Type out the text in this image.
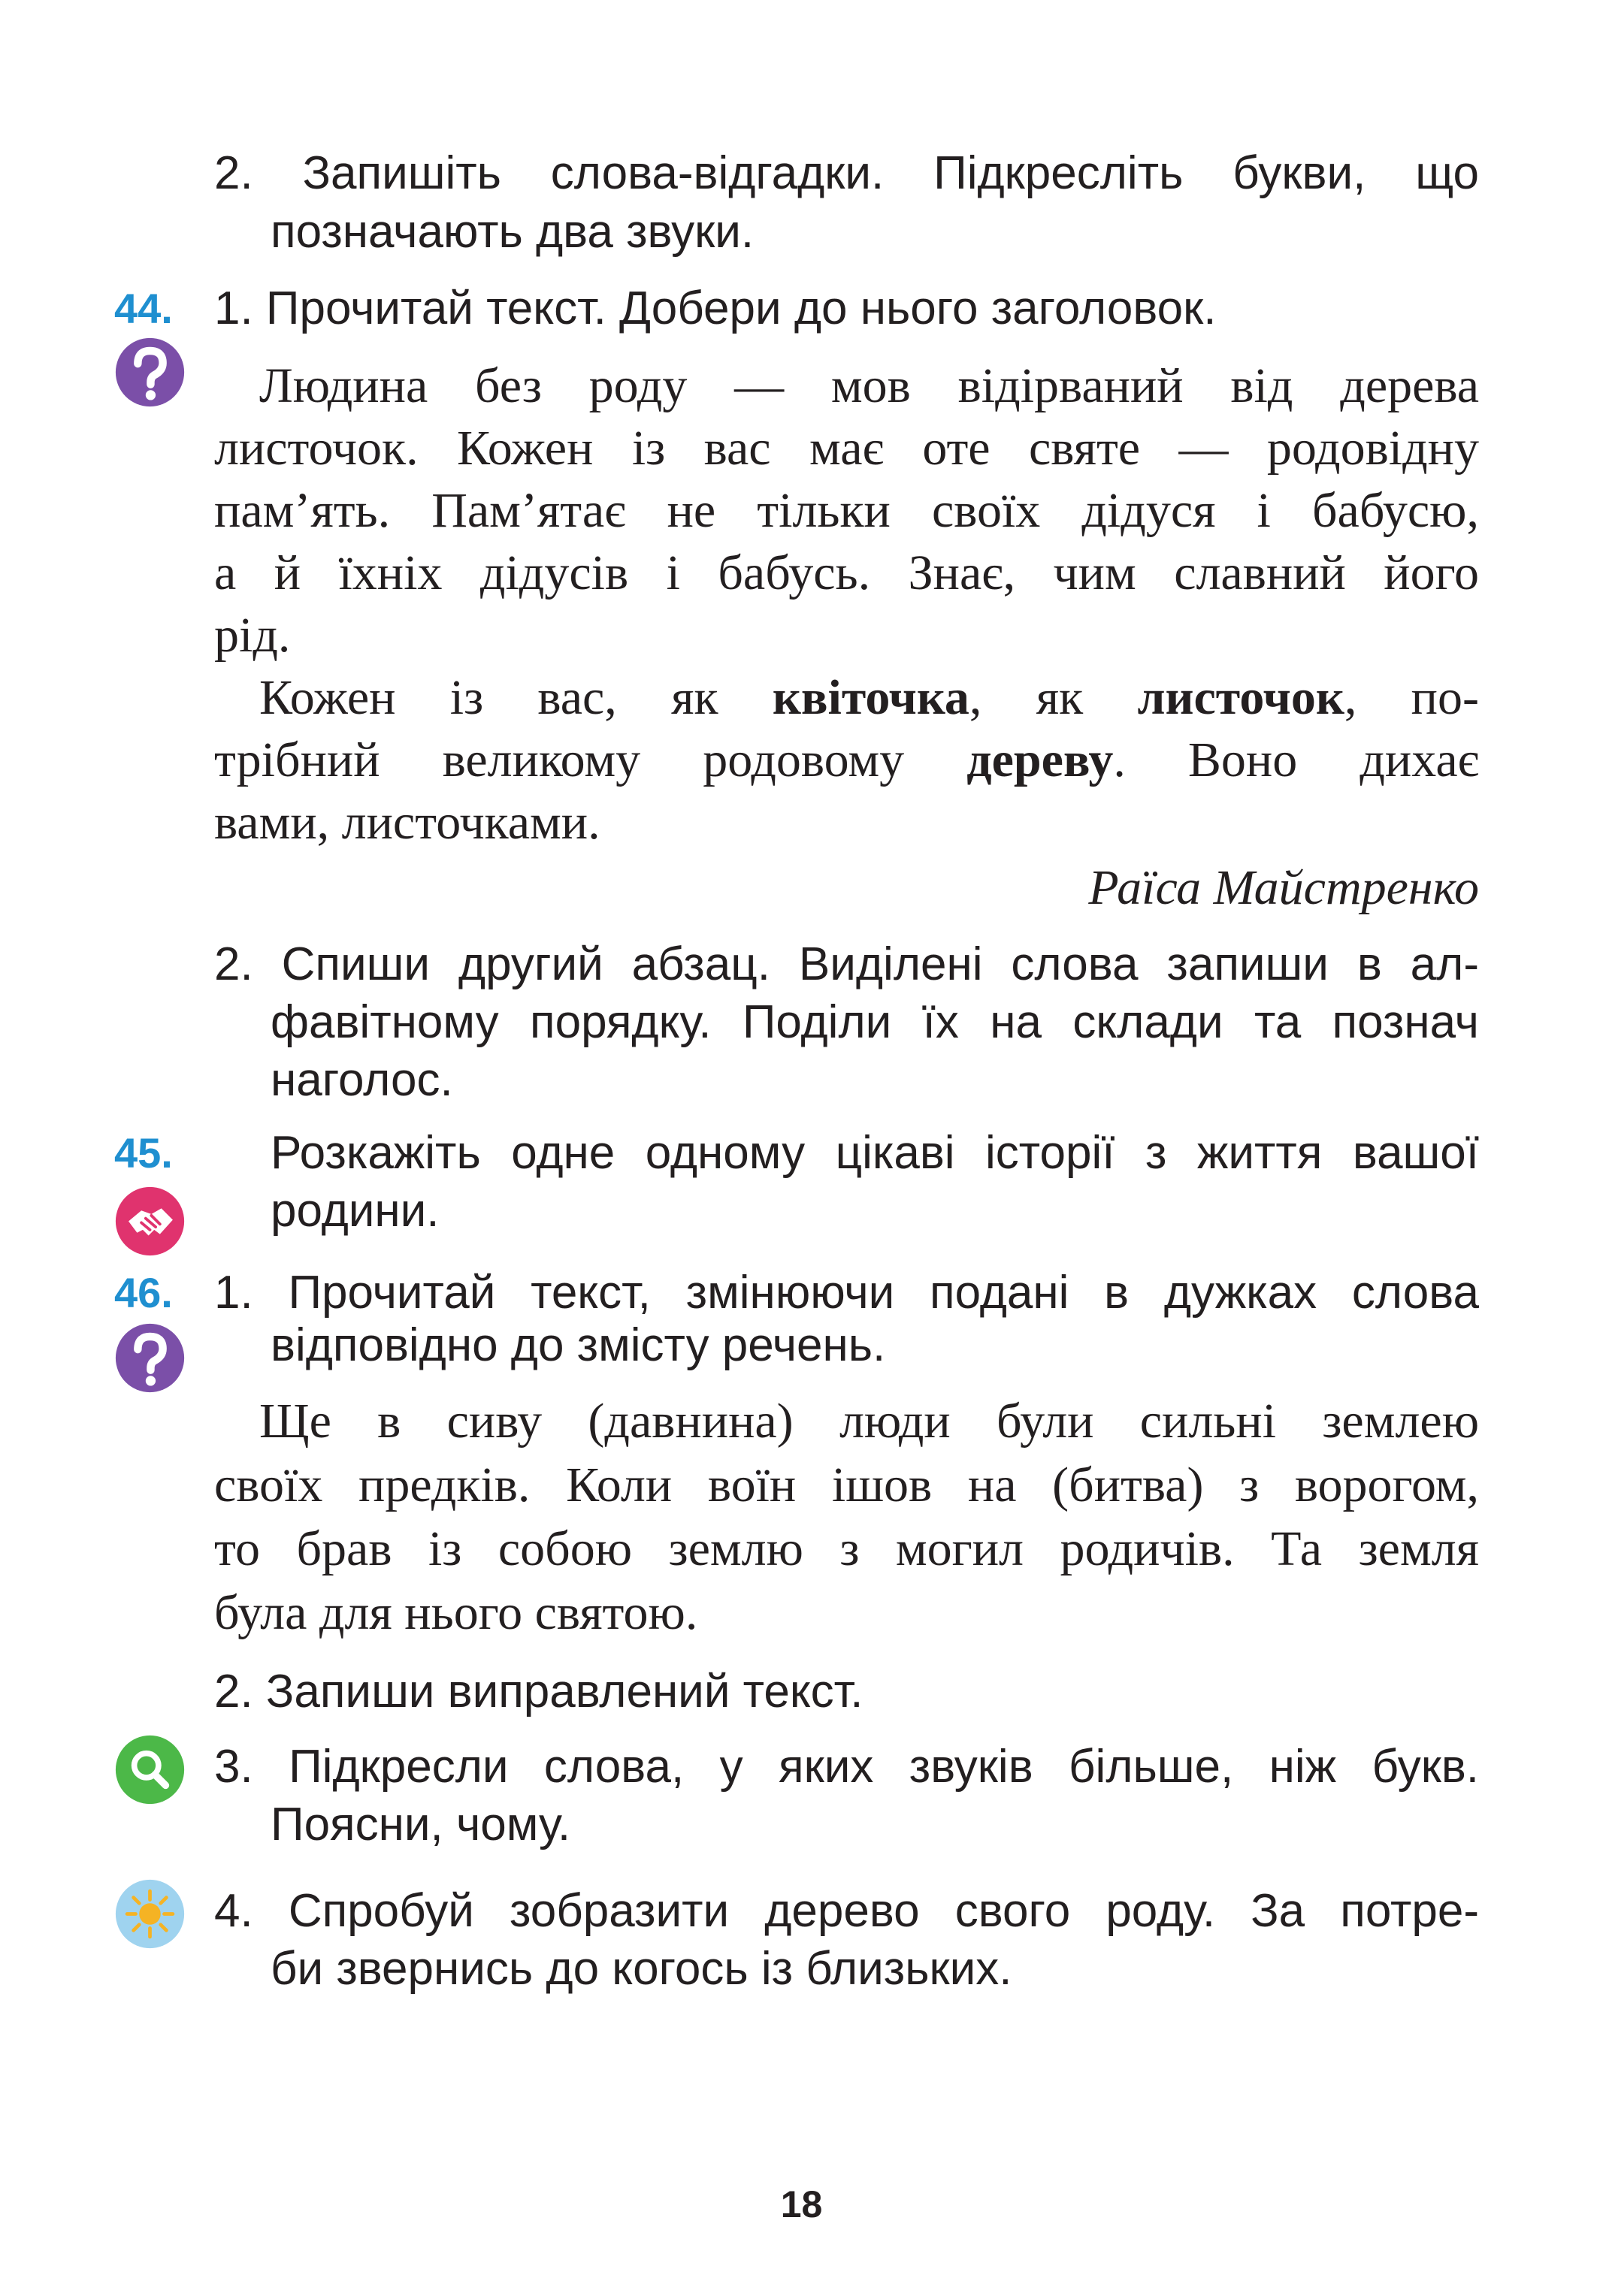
2. Запишіть слова-відгадки. Підкресліть букви, що
позначають два звуки.
44. 1. Прочитай текст. Добери до нього заголовок.
Людина без роду — мов відірваний від дерева
листочок. Кожен із вас має оте святе — родовідну
пам’ять. Пам’ятає не тільки своїх дідуся і бабусю,
а й їхніх дідусів і бабусь. Знає, чим славний його
рід.
Кожен із вас, як квіточка, як листочок, по-
трібний великому родовому дереву. Воно дихає
вами, листочками.
Раїса Майстренко
2. Спиши другий абзац. Виділені слова запиши в ал-
фавітному порядку. Поділи їх на склади та познач
наголос.
45. Розкажіть одне одному цікаві історії з життя вашої
родини.
46. 1. Прочитай текст, змінюючи подані в дужках слова
відповідно до змісту речень.
Ще в сиву (давнина) люди були сильні землею
своїх предків. Коли воїн ішов на (битва) з ворогом,
то брав із собою землю з могил родичів. Та земля
була для нього святою.
2. Запиши виправлений текст.
3. Підкресли слова, у яких звуків більше, ніж букв.
Поясни, чому.
4. Спробуй зобразити дерево свого роду. За потре-
би звернись до когось із близьких.
18
